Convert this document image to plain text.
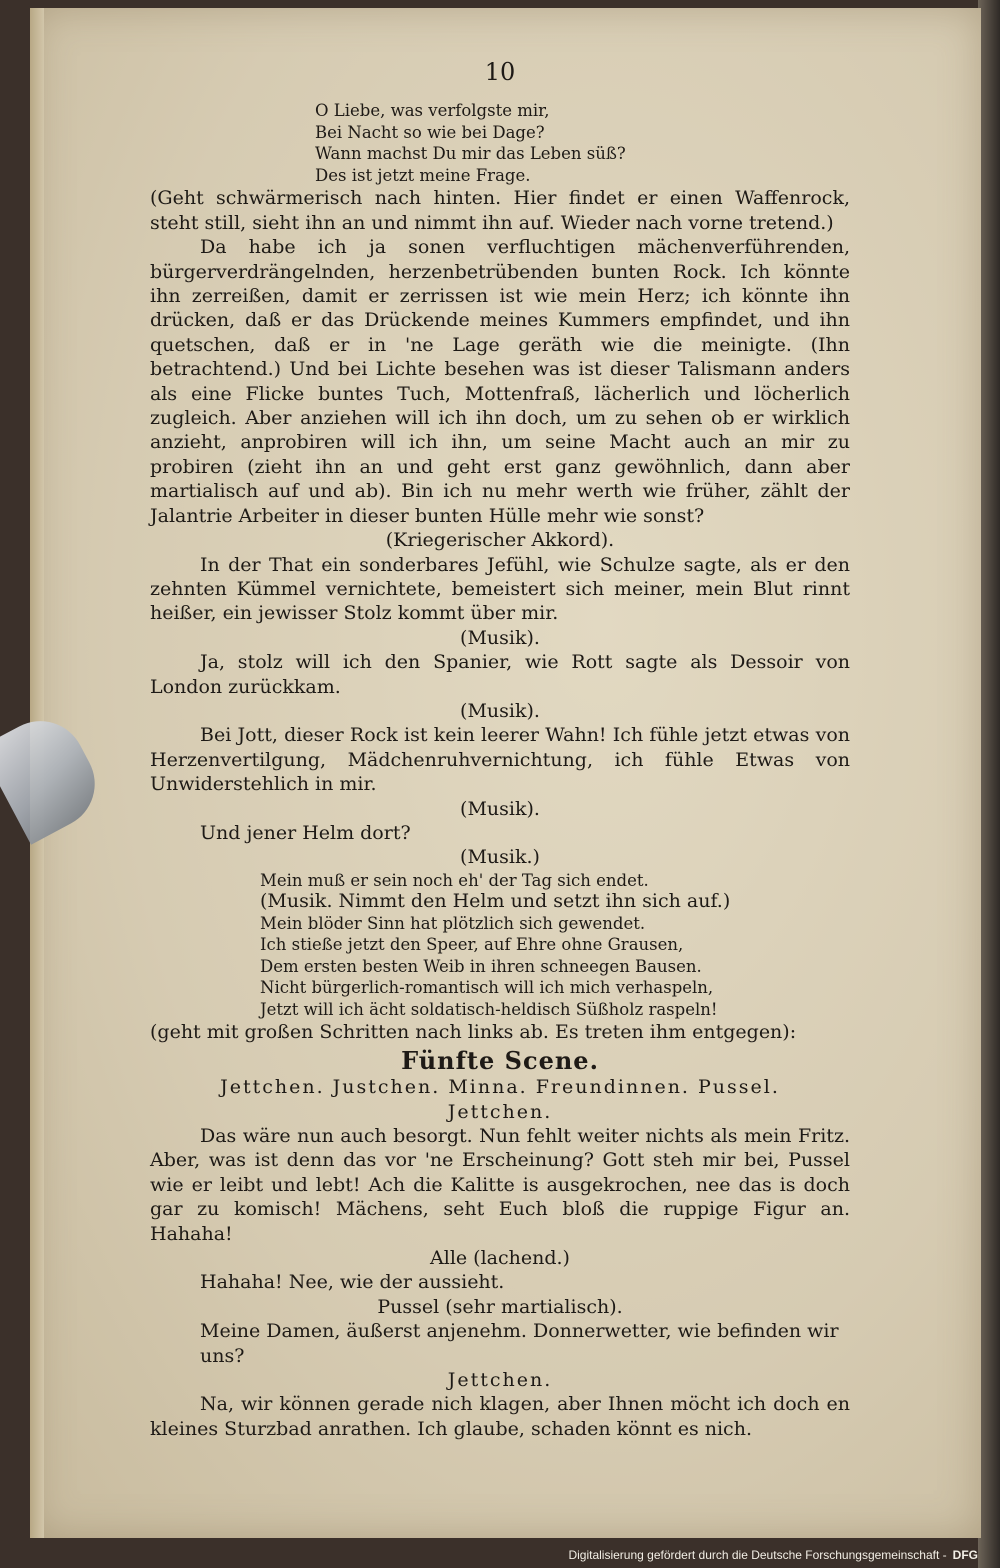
10
O Liebe, was verfolgste mir,
Bei Nacht so wie bei Dage?
Wann machst Du mir das Leben süß?
Des ist jetzt meine Frage.
(Geht schwärmerisch nach hinten. Hier findet er einen Waffenrock, steht still, sieht ihn an und nimmt ihn auf. Wieder nach vorne tretend.)
Da habe ich ja sonen verfluchtigen mächenverführenden, bürgerverdrängelnden, herzenbetrübenden bunten Rock. Ich könnte ihn zerreißen, damit er zerrissen ist wie mein Herz; ich könnte ihn drücken, daß er das Drückende meines Kummers empfindet, und ihn quetschen, daß er in 'ne Lage geräth wie die meinigte. (Ihn betrachtend.) Und bei Lichte besehen was ist dieser Talismann anders als eine Flicke buntes Tuch, Mottenfraß, lächerlich und löcherlich zugleich. Aber anziehen will ich ihn doch, um zu sehen ob er wirklich anzieht, anprobiren will ich ihn, um seine Macht auch an mir zu probiren (zieht ihn an und geht erst ganz gewöhnlich, dann aber martialisch auf und ab). Bin ich nu mehr werth wie früher, zählt der Jalantrie Arbeiter in dieser bunten Hülle mehr wie sonst?
(Kriegerischer Akkord).
In der That ein sonderbares Jefühl, wie Schulze sagte, als er den zehnten Kümmel vernichtete, bemeistert sich meiner, mein Blut rinnt heißer, ein jewisser Stolz kommt über mir.
(Musik).
Ja, stolz will ich den Spanier, wie Rott sagte als Dessoir von London zurückkam.
(Musik).
Bei Jott, dieser Rock ist kein leerer Wahn! Ich fühle jetzt etwas von Herzenvertilgung, Mädchenruhvernichtung, ich fühle Etwas von Unwiderstehlich in mir.
(Musik).
Und jener Helm dort?
(Musik.)
Mein muß er sein noch eh' der Tag sich endet.
(Musik. Nimmt den Helm und setzt ihn sich auf.)
Mein blöder Sinn hat plötzlich sich gewendet.
Ich stieße jetzt den Speer, auf Ehre ohne Grausen,
Dem ersten besten Weib in ihren schneegen Bausen.
Nicht bürgerlich-romantisch will ich mich verhaspeln,
Jetzt will ich ächt soldatisch-heldisch Süßholz raspeln!
(geht mit großen Schritten nach links ab. Es treten ihm entgegen):
Fünfte Scene.
Jettchen. Justchen. Minna. Freundinnen. Pussel.
Jettchen.
Das wäre nun auch besorgt. Nun fehlt weiter nichts als mein Fritz. Aber, was ist denn das vor 'ne Erscheinung? Gott steh mir bei, Pussel wie er leibt und lebt! Ach die Kalitte is ausgekrochen, nee das is doch gar zu komisch! Mächens, seht Euch bloß die ruppige Figur an. Hahaha!
Alle (lachend.)
Hahaha! Nee, wie der aussieht.
Pussel (sehr martialisch).
Meine Damen, äußerst anjenehm. Donnerwetter, wie befinden wir uns?
Jettchen.
Na, wir können gerade nich klagen, aber Ihnen möcht ich doch en kleines Sturzbad anrathen. Ich glaube, schaden könnt es nich.
Digitalisierung gefördert durch die Deutsche Forschungsgemeinschaft - DFG
